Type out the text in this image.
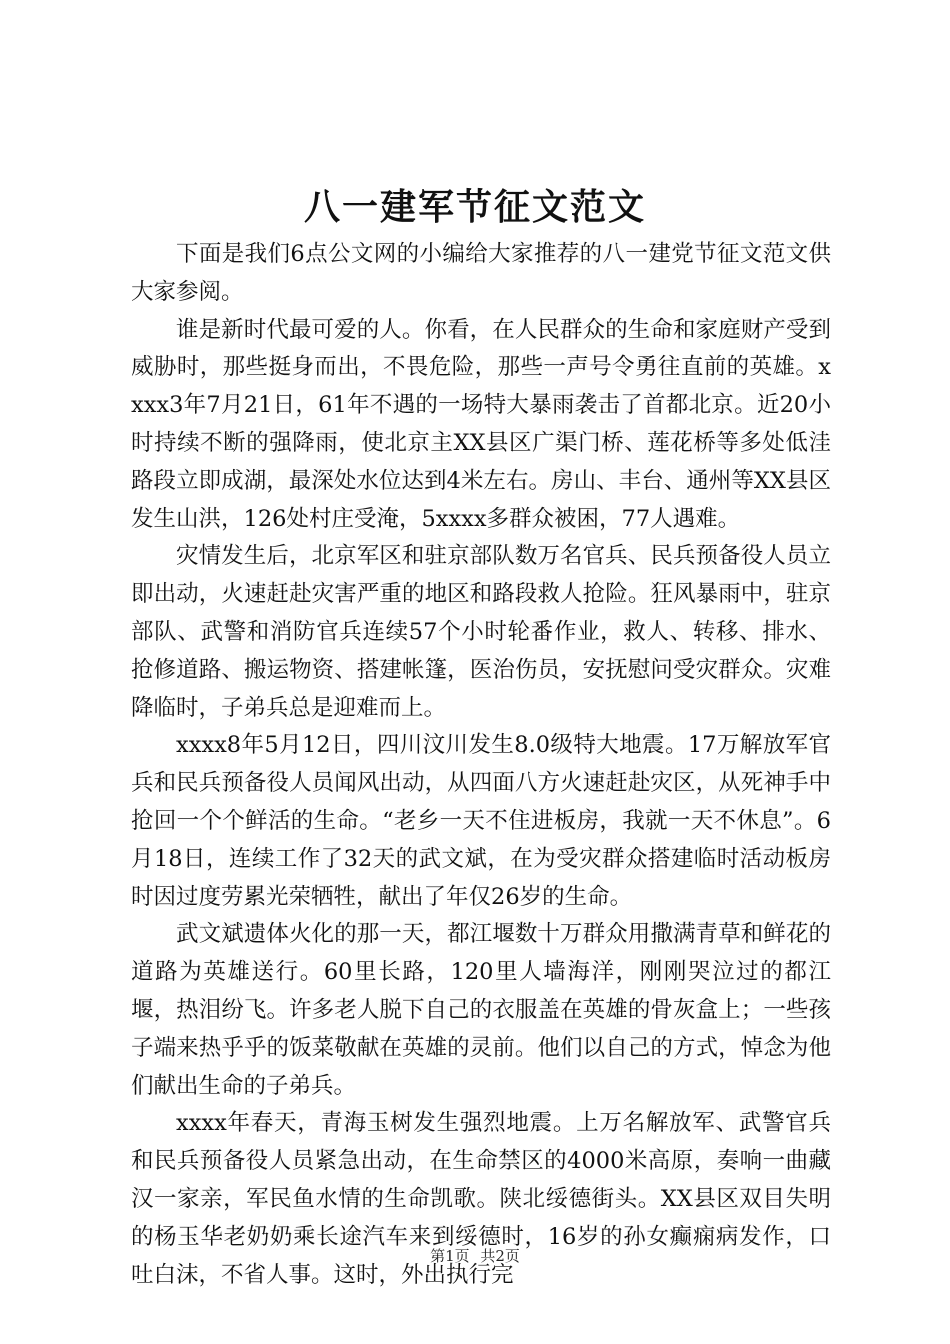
八一建军节征文范文

下面是我们6点公文网的小编给大家推荐的八一建党节征文范文供大家参阅。

谁是新时代最可爱的人。你看，在人民群众的生命和家庭财产受到威胁时，那些挺身而出，不畏危险，那些一声号令勇往直前的英雄。xxxx3年7月21日，61年不遇的一场特大暴雨袭击了首都北京。近20小时持续不断的强降雨，使北京主XX县区广渠门桥、莲花桥等多处低洼路段立即成湖，最深处水位达到4米左右。房山、丰台、通州等XX县区发生山洪，126处村庄受淹，5xxxx多群众被困，77人遇难。

灾情发生后，北京军区和驻京部队数万名官兵、民兵预备役人员立即出动，火速赶赴灾害严重的地区和路段救人抢险。狂风暴雨中，驻京部队、武警和消防官兵连续57个小时轮番作业，救人、转移、排水、抢修道路、搬运物资、搭建帐篷，医治伤员，安抚慰问受灾群众。灾难降临时，子弟兵总是迎难而上。

xxxx8年5月12日，四川汶川发生8.0级特大地震。17万解放军官兵和民兵预备役人员闻风出动，从四面八方火速赶赴灾区，从死神手中抢回一个个鲜活的生命。“老乡一天不住进板房，我就一天不休息”。6月18日，连续工作了32天的武文斌，在为受灾群众搭建临时活动板房时因过度劳累光荣牺牲，献出了年仅26岁的生命。

武文斌遗体火化的那一天，都江堰数十万群众用撒满青草和鲜花的道路为英雄送行。60里长路，120里人墙海洋，刚刚哭泣过的都江堰，热泪纷飞。许多老人脱下自己的衣服盖在英雄的骨灰盒上；一些孩子端来热乎乎的饭菜敬献在英雄的灵前。他们以自己的方式，悼念为他们献出生命的子弟兵。

xxxx年春天，青海玉树发生强烈地震。上万名解放军、武警官兵和民兵预备役人员紧急出动，在生命禁区的4000米高原，奏响一曲藏汉一家亲，军民鱼水情的生命凯歌。陕北绥德街头。XX县区双目失明的杨玉华老奶奶乘长途汽车来到绥德时，16岁的孙女癫痫病发作，口吐白沫，不省人事。这时，外出执行完

第1页 共2页
